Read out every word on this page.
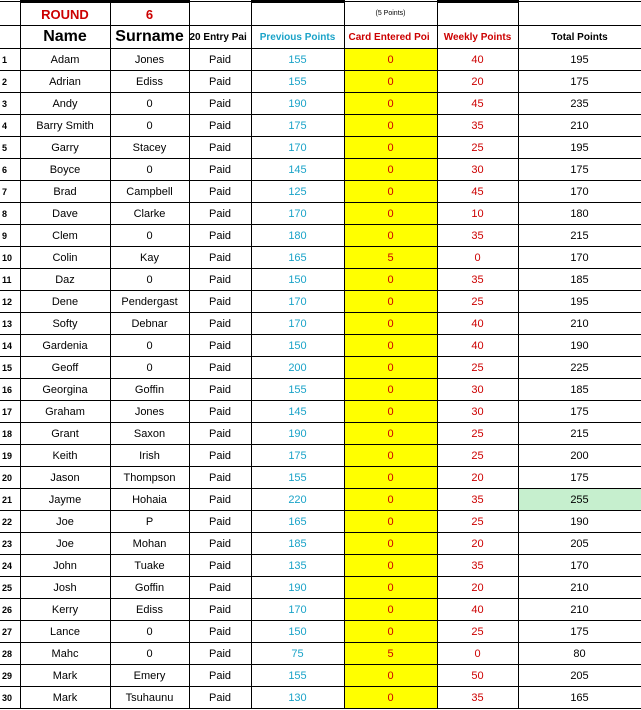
	ROUND	6			(5 Points)		
	Name	Surname	20 Entry Pai	Previous Points	Card Entered Poi	Weekly Points	Total Points
1	Adam	Jones	Paid	155	0	40	195
2	Adrian	Ediss	Paid	155	0	20	175
3	Andy	0	Paid	190	0	45	235
4	Barry Smith	0	Paid	175	0	35	210
5	Garry	Stacey	Paid	170	0	25	195
6	Boyce	0	Paid	145	0	30	175
7	Brad	Campbell	Paid	125	0	45	170
8	Dave	Clarke	Paid	170	0	10	180
9	Clem	0	Paid	180	0	35	215
10	Colin	Kay	Paid	165	5	0	170
11	Daz	0	Paid	150	0	35	185
12	Dene	Pendergast	Paid	170	0	25	195
13	Softy	Debnar	Paid	170	0	40	210
14	Gardenia	0	Paid	150	0	40	190
15	Geoff	0	Paid	200	0	25	225
16	Georgina	Goffin	Paid	155	0	30	185
17	Graham	Jones	Paid	145	0	30	175
18	Grant	Saxon	Paid	190	0	25	215
19	Keith	Irish	Paid	175	0	25	200
20	Jason	Thompson	Paid	155	0	20	175
21	Jayme	Hohaia	Paid	220	0	35	255
22	Joe	P	Paid	165	0	25	190
23	Joe	Mohan	Paid	185	0	20	205
24	John	Tuake	Paid	135	0	35	170
25	Josh	Goffin	Paid	190	0	20	210
26	Kerry	Ediss	Paid	170	0	40	210
27	Lance	0	Paid	150	0	25	175
28	Mahc	0	Paid	75	5	0	80
29	Mark	Emery	Paid	155	0	50	205
30	Mark	Tsuhaunu	Paid	130	0	35	165
